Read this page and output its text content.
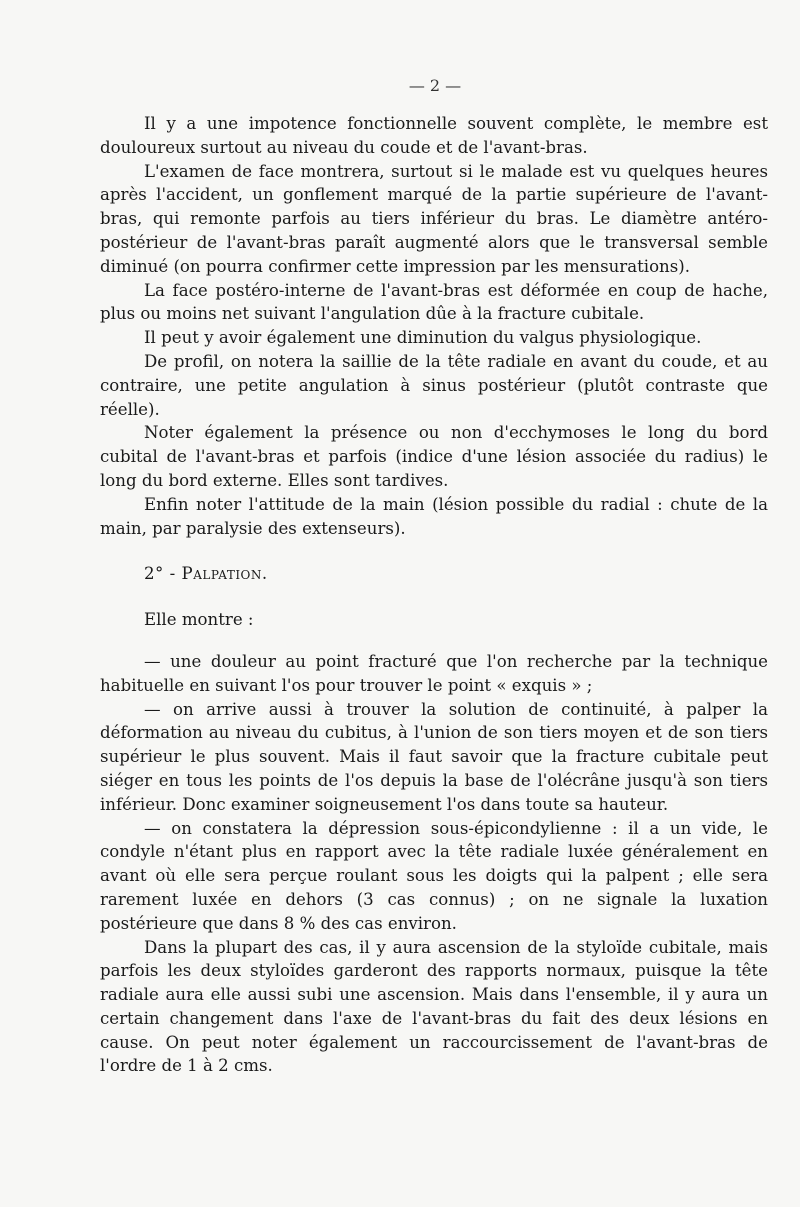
— 2 —

Il y a une impotence fonctionnelle souvent complète, le membre est douloureux surtout au niveau du coude et de l'avant-bras.

L'examen de face montrera, surtout si le malade est vu quelques heures après l'accident, un gonflement marqué de la partie supérieure de l'avant-bras, qui remonte parfois au tiers inférieur du bras. Le diamètre antéro-postérieur de l'avant-bras paraît augmenté alors que le transversal semble diminué (on pourra confirmer cette impression par les mensurations).

La face postéro-interne de l'avant-bras est déformée en coup de hache, plus ou moins net suivant l'angulation dûe à la fracture cubitale.

Il peut y avoir également une diminution du valgus physiologique.

De profil, on notera la saillie de la tête radiale en avant du coude, et au contraire, une petite angulation à sinus postérieur (plutôt contraste que réelle).

Noter également la présence ou non d'ecchymoses le long du bord cubital de l'avant-bras et parfois (indice d'une lésion associée du radius) le long du bord externe. Elles sont tardives.

Enfin noter l'attitude de la main (lésion possible du radial : chute de la main, par paralysie des extenseurs).

2° - Palpation.

Elle montre :

— une douleur au point fracturé que l'on recherche par la technique habituelle en suivant l'os pour trouver le point « exquis » ;

— on arrive aussi à trouver la solution de continuité, à palper la déformation au niveau du cubitus, à l'union de son tiers moyen et de son tiers supérieur le plus souvent. Mais il faut savoir que la fracture cubitale peut siéger en tous les points de l'os depuis la base de l'olécrâne jusqu'à son tiers inférieur. Donc examiner soigneusement l'os dans toute sa hauteur.

— on constatera la dépression sous-épicondylienne : il a un vide, le condyle n'étant plus en rapport avec la tête radiale luxée généralement en avant où elle sera perçue roulant sous les doigts qui la palpent ; elle sera rarement luxée en dehors (3 cas connus) ; on ne signale la luxation postérieure que dans 8 % des cas environ.

Dans la plupart des cas, il y aura ascension de la styloïde cubitale, mais parfois les deux styloïdes garderont des rapports normaux, puisque la tête radiale aura elle aussi subi une ascension. Mais dans l'ensemble, il y aura un certain changement dans l'axe de l'avant-bras du fait des deux lésions en cause. On peut noter également un raccourcissement de l'avant-bras de l'ordre de 1 à 2 cms.
